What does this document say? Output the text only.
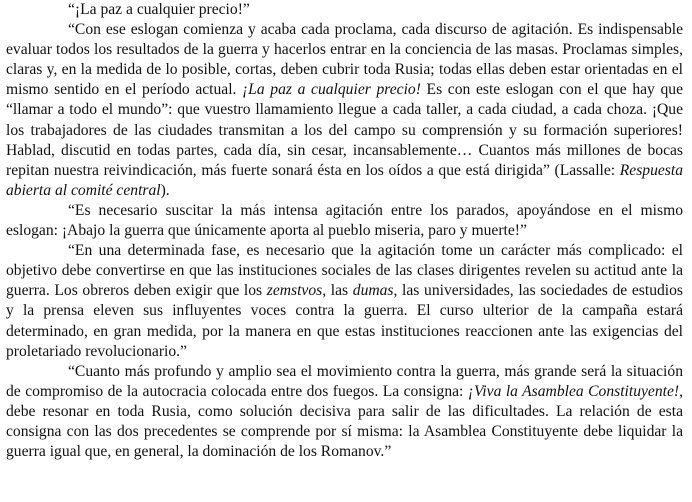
“¡La paz a cualquier precio!”

“Con ese eslogan comienza y acaba cada proclama, cada discurso de agitación. Es indispensable evaluar todos los resultados de la guerra y hacerlos entrar en la conciencia de las masas. Proclamas simples, claras y, en la medida de lo posible, cortas, deben cubrir toda Rusia; todas ellas deben estar orientadas en el mismo sentido en el período actual. ¡La paz a cualquier precio! Es con este eslogan con el que hay que “llamar a todo el mundo”: que vuestro llamamiento llegue a cada taller, a cada ciudad, a cada choza. ¡Que los trabajadores de las ciudades transmitan a los del campo su comprensión y su formación superiores! Hablad, discutid en todas partes, cada día, sin cesar, incansablemente… Cuantos más millones de bocas repitan nuestra reivindicación, más fuerte sonará ésta en los oídos a que está dirigida” (Lassalle: Respuesta abierta al comité central).

“Es necesario suscitar la más intensa agitación entre los parados, apoyándose en el mismo eslogan: ¡Abajo la guerra que únicamente aporta al pueblo miseria, paro y muerte!”

“En una determinada fase, es necesario que la agitación tome un carácter más complicado: el objetivo debe convertirse en que las instituciones sociales de las clases dirigentes revelen su actitud ante la guerra. Los obreros deben exigir que los zemstvos, las dumas, las universidades, las sociedades de estudios y la prensa eleven sus influyentes voces contra la guerra. El curso ulterior de la campaña estará determinado, en gran medida, por la manera en que estas instituciones reaccionen ante las exigencias del proletariado revolucionario.”

“Cuanto más profundo y amplio sea el movimiento contra la guerra, más grande será la situación de compromiso de la autocracia colocada entre dos fuegos. La consigna: ¡Viva la Asamblea Constituyente!, debe resonar en toda Rusia, como solución decisiva para salir de las dificultades. La relación de esta consigna con las dos precedentes se comprende por sí misma: la Asamblea Constituyente debe liquidar la guerra igual que, en general, la dominación de los Romanov.”
